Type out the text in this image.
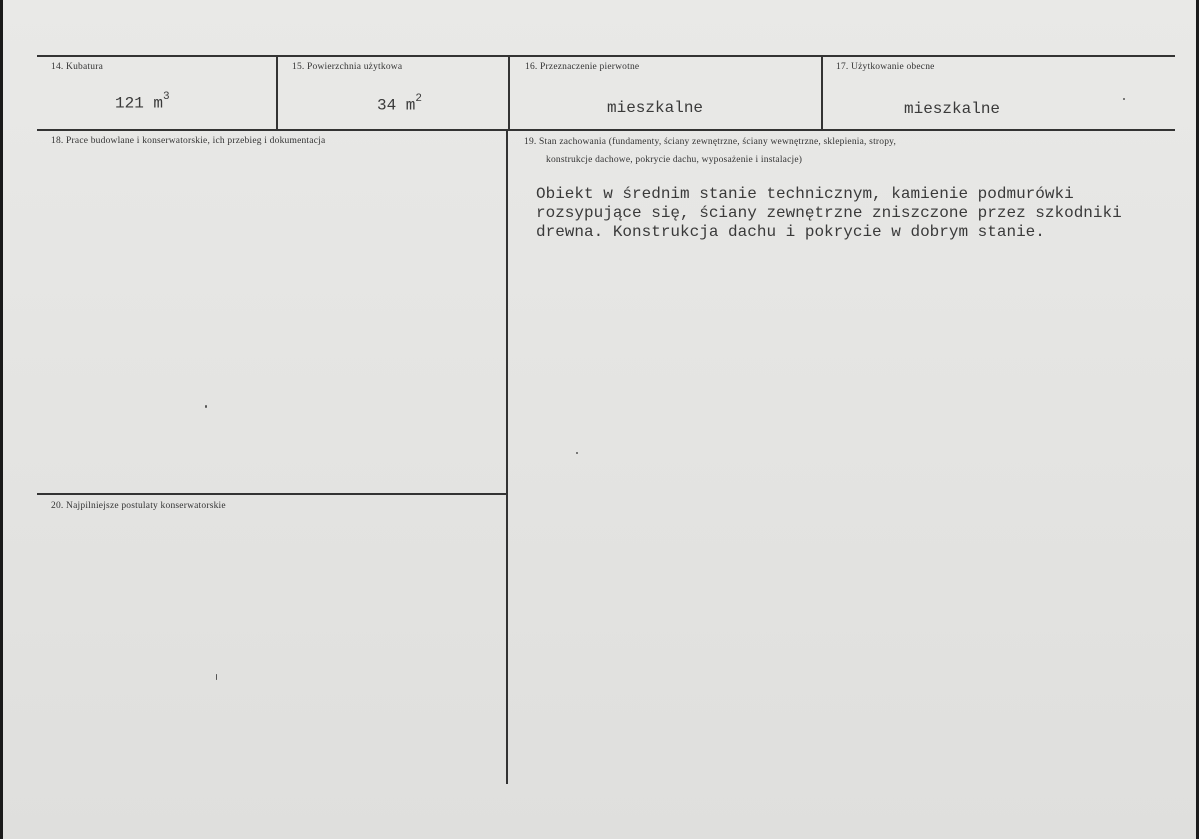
14. Kubatura
121 $m^3$
15. Powierzchnia użytkowa
34 $m^2$
16. Przeznaczenie pierwotne
mieszkalne
17. Użytkowanie obecne
mieszkalne
18. Prace budowlane i konserwatorskie, ich przebieg i dokumentacja	19. Stan zachowania (fundamenty, ściany zewnętrzne, ściany wewnętrzne, sklepienia, stropy,
konstrukcje dachowe, pokrycie dachu, wyposażenie i instalacje)
Obiekt w średnim stanie technicznym, kamienie podmurówki
rozsypujące się, ściany zewnętrzne zniszczone przez szkodniki
drewna. Konstrukcja dachu i pokrycie w dobrym stanie.
20. Najpilniejsze postulaty konserwatorskie
